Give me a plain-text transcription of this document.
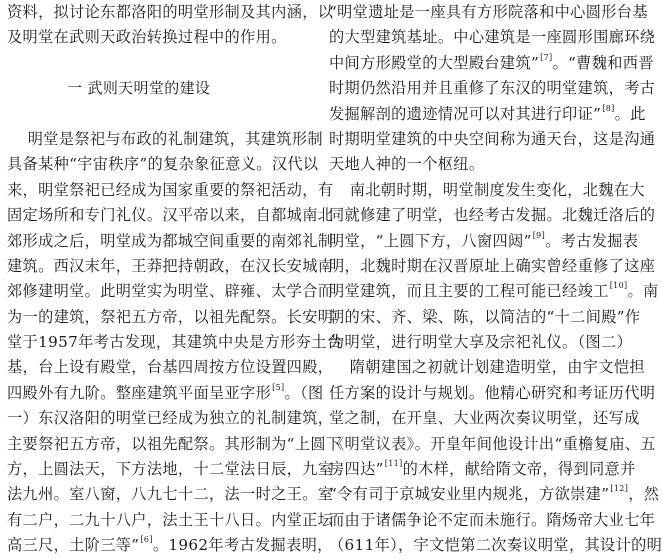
资料，拟讨论东都洛阳的明堂形制及其内涵，以
及明堂在武则天政治转换过程中的作用。
一 武则天明堂的建设
明堂是祭祀与布政的礼制建筑，其建筑形制
具备某种“宇宙秩序”的复杂象征意义。汉代以
来，明堂祭祀已经成为国家重要的祭祀活动，有
固定场所和专门礼仪。汉平帝以来，自都城南北
郊形成之后，明堂成为都城空间重要的南郊礼制
建筑。西汉末年，王莽把持朝政，在汉长安城南
郊修建明堂。此明堂实为明堂、辟雍、太学合而
为一的建筑，祭祀五方帝，以祖先配祭。长安明
堂于1957年考古发现，其建筑中央是方形夯土台
基，台上设有殿堂，台基四周按方位设置四殿，
四殿外有九阶。整座建筑平面呈亚字形[5]。（图
一）东汉洛阳的明堂已经成为独立的礼制建筑，
主要祭祀五方帝，以祖先配祭。其形制为“上圆下
方，上圆法天，下方法地，十二堂法日辰，九室
法九州。室八窗，八九七十二，法一时之王。室
有二户，二九十八户，法土王十八日。内堂正坛
高三尺，土阶三等”[6]。1962年考古发掘表明，
“明堂遗址是一座具有方形院落和中心圆形台基
的大型建筑基址。中心建筑是一座圆形围廊环绕
中间方形殿堂的大型殿台建筑”[7]。“曹魏和西晋
时期仍然沿用并且重修了东汉的明堂建筑，考古
发掘解剖的遗迹情况可以对其进行印证”[8]。此
时期明堂建筑的中央空间称为通天台，这是沟通
天地人神的一个枢纽。
南北朝时期，明堂制度发生变化，北魏在大
同就修建了明堂，也经考古发掘。北魏迁洛后的
明堂，“上圆下方，八窗四闼”[9]。考古发掘表
明，北魏时期在汉晋原址上确实曾经重修了这座
明堂建筑，而且主要的工程可能已经竣工[10]。南
朝的宋、齐、梁、陈，以简洁的“十二间殿”作
为明堂，进行明堂大享及宗祀礼仪。（图二）
隋朝建国之初就计划建造明堂，由宇文恺担
任方案的设计与规划。他精心研究和考证历代明
堂之制，在开皇、大业两次奏议明堂，还写成
《明堂议表》。开皇年间他设计出“重檐复庙、五
房四达”[11]的木样，献给隋文帝，得到同意并
“令有司于京城安业里内规兆，方欲崇建”[12]，然
而由于诸儒争论不定而未施行。隋炀帝大业七年
（611年），宇文恺第二次奏议明堂，其设计的明
